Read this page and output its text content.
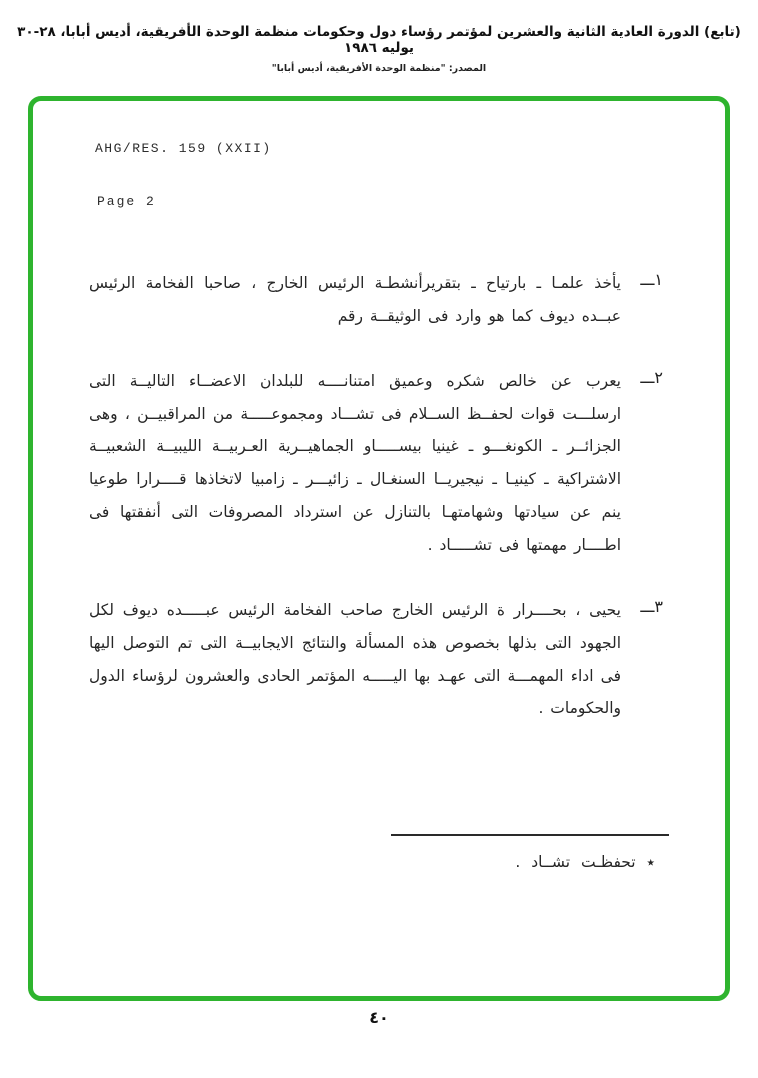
(تابع) الدورة العادية الثانية والعشرين لمؤتمر رؤساء دول وحكومات منظمة الوحدة الأفريقية، أديس أبابا، ٢٨-٣٠ يوليه ١٩٨٦
المصدر: "منظمة الوحدة الأفريقية، أديس أبابا"
AHG/RES. 159 (XXII)
Page 2
١ـــ
يأخذ علمـا ـ بارتياح ـ بتقريرأنشطـة الرئيس الخارج ، صاحبا الفخامة الرئيس عبــده ديوف كما هو وارد فى الوثيقــة رقم
٢ـــ
يعرب عن خالص شكره وعميق امتنانــــه للبلدان الاعضــاء التاليــة التى ارسلـــت قوات لحفــظ الســلام فى تشـــاد ومجموعـــــة من المراقبيــن ، وهى الجزائــر ـ الكونغـــو ـ غينيا بيســـــاو الجماهيــرية العـربيــة الليبيــة الشعبيــة الاشتراكية ـ كينيـا ـ نيجيريــا السنغـال ـ زائيـــر ـ زامبيا لاتخاذها قــــرارا طوعيا ينم عن سيادتها وشهامتهـا بالتنازل عن استرداد المصروفات التى أنفقتها فى اطــــار مهمتها فى تشـــــاد .
٣ـــ
يحيى ، بحــــرار ة الرئيس الخارج صاحب الفخامة الرئيس عبـــــده ديوف لكل الجهود التى بذلها بخصوص هذه المسألة والنتائج الايجابيــة التى تم التوصل اليها فى اداء المهمـــة التى عهـد بها اليـــــه المؤتمر الحادى والعشرون لرؤساء الدول والحكومات .
٭ تحفظـت تشــاد .
٤٠
